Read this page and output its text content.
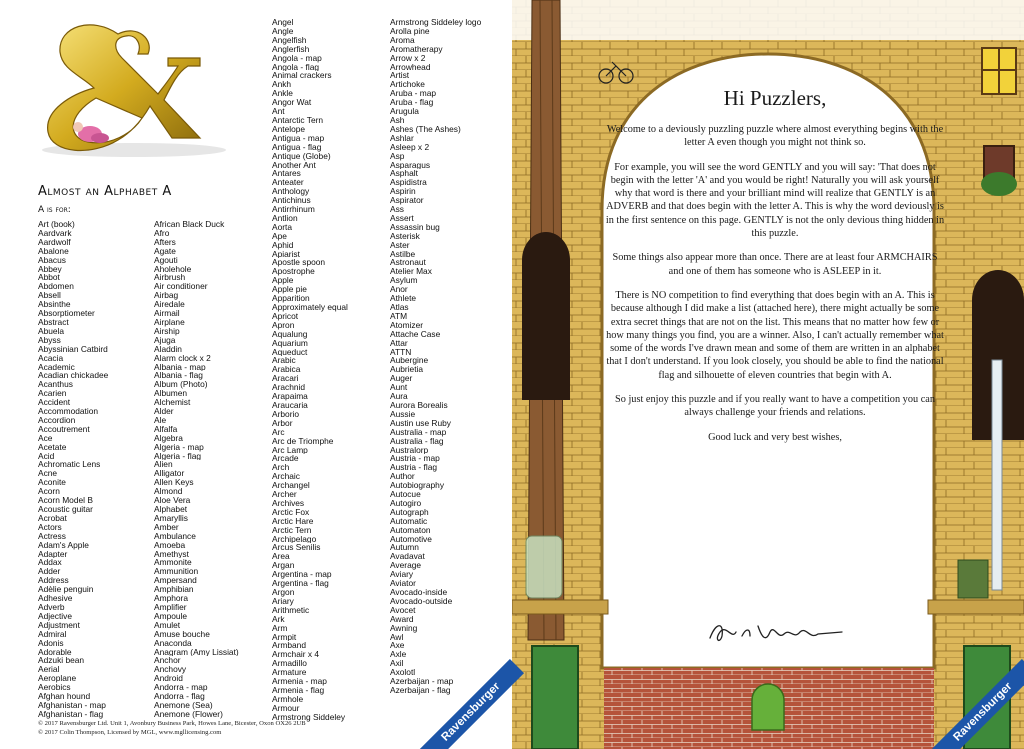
Almost an Alphabet A
A is for:
Art (book)
Aardvark
Aardwolf
Abalone
Abacus
Abbey
Abbot
Abdomen
Absell
Absinthe
Absorptiometer
Abstract
Abuela
Abyss
Abyssinian Catbird
Acacia
Academic
Acadian chickadee
Acanthus
Acarien
Accident
Accommodation
Accordion
Accoutrement
Ace
Acetate
Acid
Achromatic Lens
Acne
Aconite
Acorn
Acorn Model B
Acoustic guitar
Acrobat
Actors
Actress
Adam's Apple
Adapter
Addax
Adder
Address
Adèlie penguin
Adhesive
Adverb
Adjective
Adjustment
Admiral
Adonis
Adorable
Adzuki bean
Aerial
Aeroplane
Aerobics
Afghan hound
Afghanistan - map
Afghanistan - flag
African Black Duck
Afro
Afters
Agate
Agouti
Aholehole
Airbrush
Air conditioner
Airbag
Airedale
Airmail
Airplane
Airship
Ajuga
Aladdin
Alarm clock x 2
Albania - map
Albania - flag
Album (Photo)
Albumen
Alchemist
Alder
Ale
Alfalfa
Algebra
Algeria - map
Algeria - flag
Alien
Alligator
Allen Keys
Almond
Aloe Vera
Alphabet
Amaryllis
Amber
Ambulance
Amoeba
Amethyst
Ammonite
Ammunition
Ampersand
Amphibian
Amphora
Amplifier
Ampoule
Amulet
Amuse bouche
Anaconda
Anagram (Amy Lissiat)
Anchor
Anchovy
Android
Andorra - map
Andorra - flag
Anemone (Sea)
Anemone (Flower)
Angel
Angle
Angelfish
Anglerfish
Angola - map
Angola - flag
Animal crackers
Ankh
Ankle
Angor Wat
Ant
Antarctic Tern
Antelope
Antigua - map
Antigua - flag
Antique (Globe)
Another Ant
Antares
Anteater
Anthology
Antichinus
Antirrhinum
Antlion
Aorta
Ape
Aphid
Apiarist
Apostle spoon
Apostrophe
Apple
Apple pie
Apparition
Approximately equal
Apricot
Apron
Aqualung
Aquarium
Aqueduct
Arabic
Arabica
Aracari
Arachnid
Arapaima
Araucaria
Arborio
Arbor
Arc
Arc de Triomphe
Arc Lamp
Arcade
Arch
Archaic
Archangel
Archer
Archives
Arctic Fox
Arctic Hare
Arctic Tern
Archipelago
Arcus Senilis
Area
Argan
Argentina - map
Argentina - flag
Argon
Ariary
Arithmetic
Ark
Arm
Armpit
Armband
Armchair x 4
Armadillo
Armature
Armenia - map
Armenia - flag
Armhole
Armour
Armstrong Siddeley
Armstrong Siddeley logo
Arolla pine
Aroma
Aromatherapy
Arrow x 2
Arrowhead
Artist
Artichoke
Aruba - map
Aruba - flag
Arugula
Ash
Ashes (The Ashes)
Ashlar
Asleep x 2
Asp
Asparagus
Asphalt
Aspidistra
Aspirin
Aspirator
Ass
Assert
Assassin bug
Asterisk
Aster
Astilbe
Astronaut
Atelier Max
Asylum
Anor
Athlete
Atlas
ATM
Atomizer
Attache Case
Attar
ATTN
Aubergine
Aubrietia
Auger
Aunt
Aura
Aurora Borealis
Aussie
Austin use Ruby
Australia - map
Australia - flag
Australorp
Austria - map
Austria - flag
Author
Autobiography
Autocue
Autogiro
Autograph
Automatic
Automaton
Automotive
Autumn
Avadavat
Average
Aviary
Aviator
Avocado-inside
Avocado-outside
Avocet
Award
Awning
Awl
Axe
Axle
Axil
Axolotl
Azerbaijan - map
Azerbaijan - flag
© 2017 Ravensburger Ltd. Unit 1, Avonbury Business Park, Howes Lane, Bicester, Oxon OX26 2UB
© 2017 Colin Thompson, Licensed by MGL, www.mgllicensing.com
Hi Puzzlers,

Welcome to a deviously puzzling puzzle where almost everything begins with the letter A even though you might not think so.

For example, you will see the word GENTLY and you will say: 'That does not begin with the letter 'A' and you would be right! Naturally you will ask yourself why that word is there and your brilliant mind will realize that GENTLY is an ADVERB and that does begin with the letter A. This is why the word deviously is in the first sentence on this page. GENTLY is not the only devious thing hidden in this puzzle.

Some things also appear more than once. There are at least four ARMCHAIRS and one of them has someone who is ASLEEP in it.

There is NO competition to find everything that does begin with an A. This is because although I did make a list (attached here), there might actually be some extra secret things that are not on the list. This means that no matter how few or how many things you find, you are a winner. Also, I can't actually remember what some of the words I've drawn mean and some of them are written in an alphabet that I don't understand. If you look closely, you should be able to find the national flag and silhouette of eleven countries that begin with A.

So just enjoy this puzzle and if you really want to have a competition you can always challenge your friends and relations.

Good luck and very best wishes,

Ravensburger	Ravensburger
